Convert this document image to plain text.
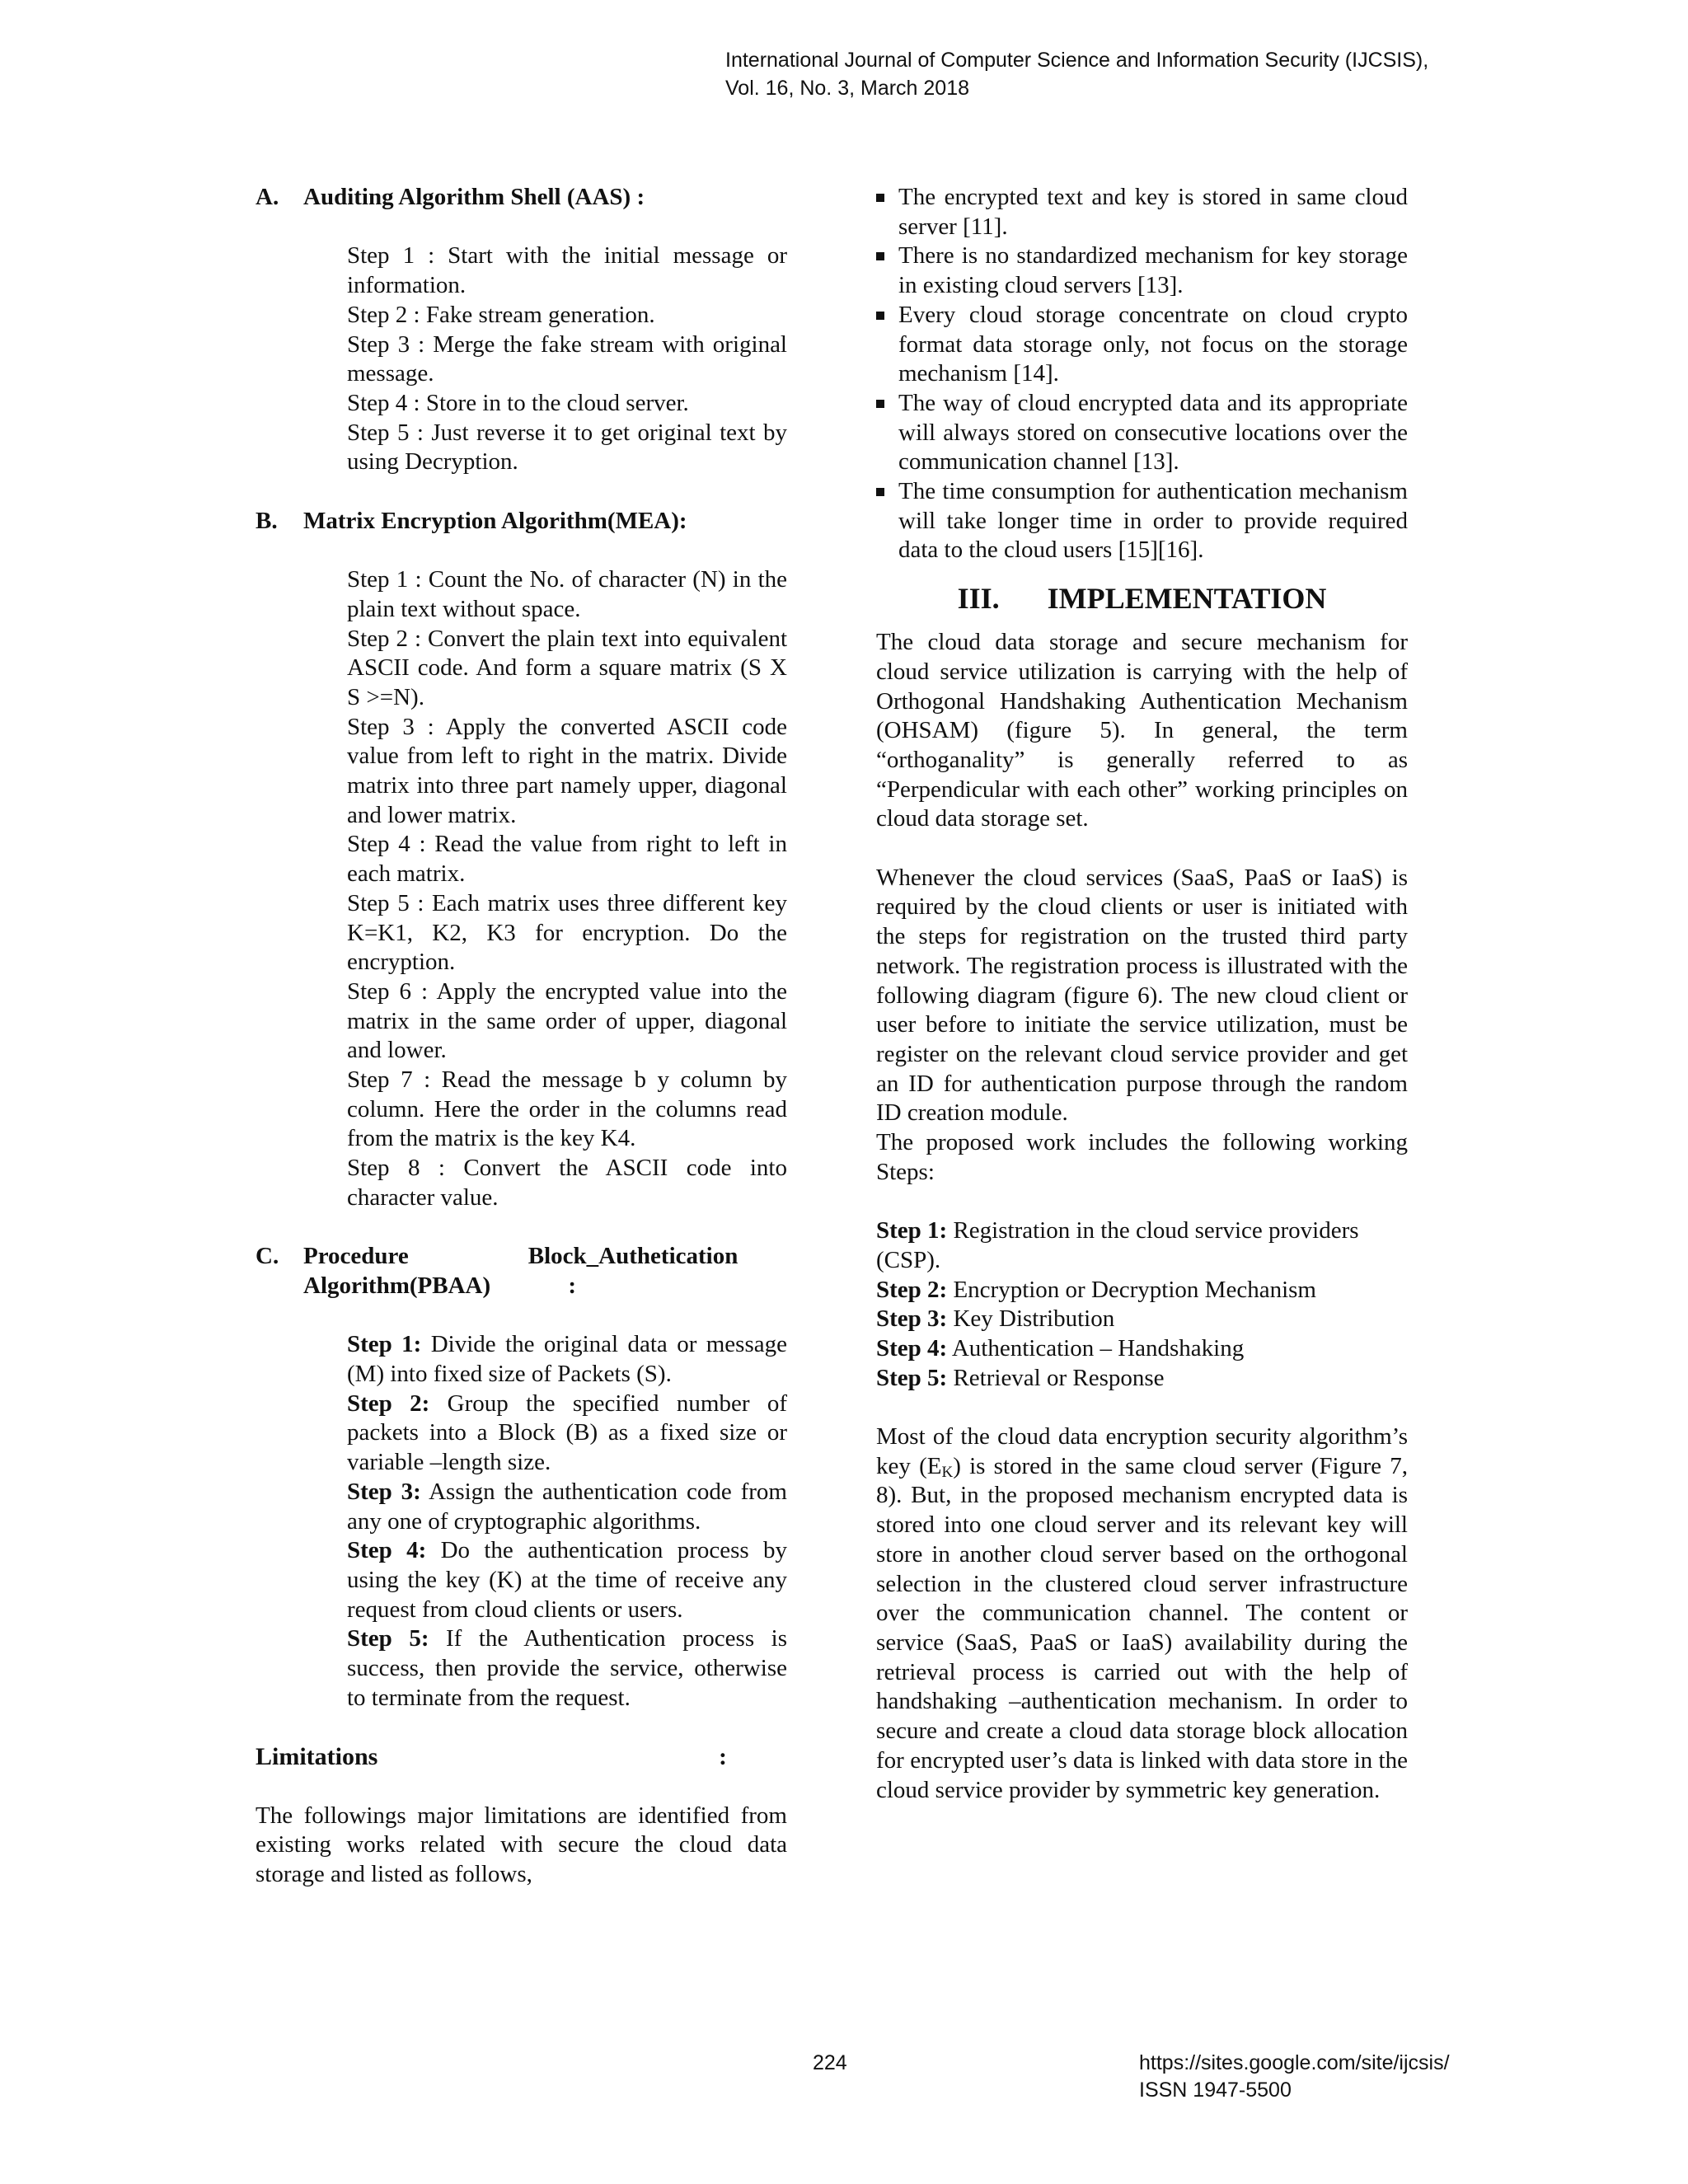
International Journal of Computer Science and Information Security (IJCSIS),
Vol. 16, No. 3, March 2018
A.	Auditing Algorithm Shell (AAS) :
Step 1 : Start with the initial message or information.
Step 2 : Fake stream generation.
Step 3 : Merge the fake stream with original message.
Step 4 : Store in to the cloud server.
Step 5 : Just reverse it to get original text by using Decryption.
B.	Matrix Encryption Algorithm(MEA):
Step 1 : Count the No. of character (N) in the plain text without space.
Step 2 : Convert the plain text into equivalent ASCII code. And form a square matrix (S X S >=N).
Step 3 : Apply the converted ASCII code value from left to right in the matrix. Divide matrix into three part namely upper, diagonal and lower matrix.
Step 4 : Read the value from right to left in each matrix.
Step 5 : Each matrix uses three different key K=K1, K2, K3 for encryption. Do the encryption.
Step 6 : Apply the encrypted value into the matrix in the same order of upper, diagonal and lower.
Step 7 : Read the message b y column by column. Here the order in the columns read from the matrix is the key K4.
Step 8 : Convert the ASCII code into character value.
C.	Procedure                    Block_Authetication
Algorithm(PBAA)             :
Step 1: Divide the original data or message (M) into fixed size of Packets (S).
Step 2: Group the specified number of packets into a Block (B) as a fixed size or variable –length size.
Step 3: Assign the authentication code from any one of cryptographic algorithms.
Step 4: Do the authentication process by using the key (K) at the time of receive any request from cloud clients or users.
Step 5: If the Authentication process is success, then provide the service, otherwise to terminate from the request.
Limitations	:
The followings major limitations are identified from existing works related with secure the cloud data storage and listed as follows,
The encrypted text and key is stored in same cloud server [11].
There is no standardized mechanism for key storage in existing cloud servers [13].
Every cloud storage concentrate on cloud crypto format data storage only, not focus on the storage mechanism [14].
The way of cloud encrypted data and its appropriate will always stored on consecutive locations over the communication channel [13].
The time consumption for authentication mechanism will take longer time in order to provide required data to the cloud users [15][16].
III. IMPLEMENTATION
The cloud data storage and secure mechanism for cloud service utilization is carrying with the help of Orthogonal Handshaking Authentication Mechanism (OHSAM) (figure 5). In general, the term “orthoganality” is generally referred to as “Perpendicular with each other” working principles on cloud data storage set.
Whenever the cloud services (SaaS, PaaS or IaaS) is required by the cloud clients or user is initiated with the steps for registration on the trusted third party network. The registration process is illustrated with the following diagram (figure 6). The new cloud client or user before to initiate the service utilization, must be register on the relevant cloud service provider and get an ID for authentication purpose through the random ID creation module.
The proposed work includes the following working Steps:
Step 1: Registration in the cloud service providers (CSP).
Step 2: Encryption or Decryption Mechanism
Step 3: Key Distribution
Step 4: Authentication – Handshaking
Step 5: Retrieval or Response
Most of the cloud data encryption security algorithm’s key $(E_K)$ is stored in the same cloud server (Figure 7, 8). But, in the proposed mechanism encrypted data is stored into one cloud server and its relevant key will store in another cloud server based on the orthogonal selection in the clustered cloud server infrastructure over the communication channel. The content or service (SaaS, PaaS or IaaS) availability during the retrieval process is carried out with the help of handshaking –authentication mechanism. In order to secure and create a cloud data storage block allocation for encrypted user’s data is linked with data store in the cloud service provider by symmetric key generation.
224	https://sites.google.com/site/ijcsis/
ISSN 1947-5500
